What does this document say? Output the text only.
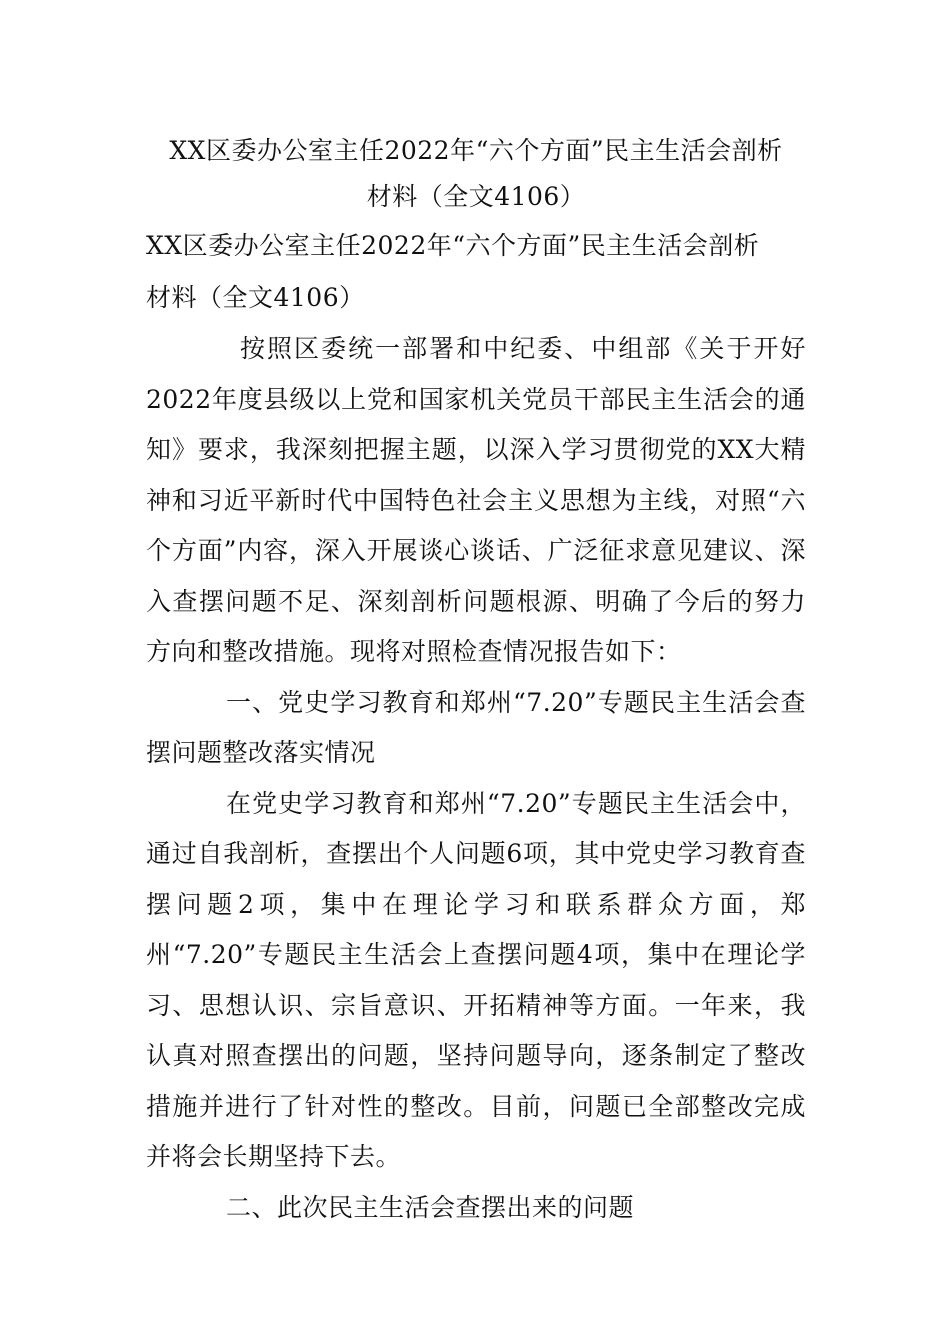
XX区委办公室主任2022年“六个方面”民主生活会剖析
材料（全文4106）
XX区委办公室主任2022年“六个方面”民主生活会剖析
材料（全文4106）

按照区委统一部署和中纪委、中组部《关于开好2022年度县级以上党和国家机关党员干部民主生活会的通知》要求，我深刻把握主题，以深入学习贯彻党的XX大精神和习近平新时代中国特色社会主义思想为主线，对照“六个方面”内容，深入开展谈心谈话、广泛征求意见建议、深入查摆问题不足、深刻剖析问题根源、明确了今后的努力方向和整改措施。现将对照检查情况报告如下：

一、党史学习教育和郑州“7.20”专题民主生活会查摆问题整改落实情况

在党史学习教育和郑州“7.20”专题民主生活会中，通过自我剖析，查摆出个人问题6项，其中党史学习教育查摆问题2项，集中在理论学习和联系群众方面，郑州“7.20”专题民主生活会上查摆问题4项，集中在理论学习、思想认识、宗旨意识、开拓精神等方面。一年来，我认真对照查摆出的问题，坚持问题导向，逐条制定了整改措施并进行了针对性的整改。目前，问题已全部整改完成并将会长期坚持下去。

二、此次民主生活会查摆出来的问题
